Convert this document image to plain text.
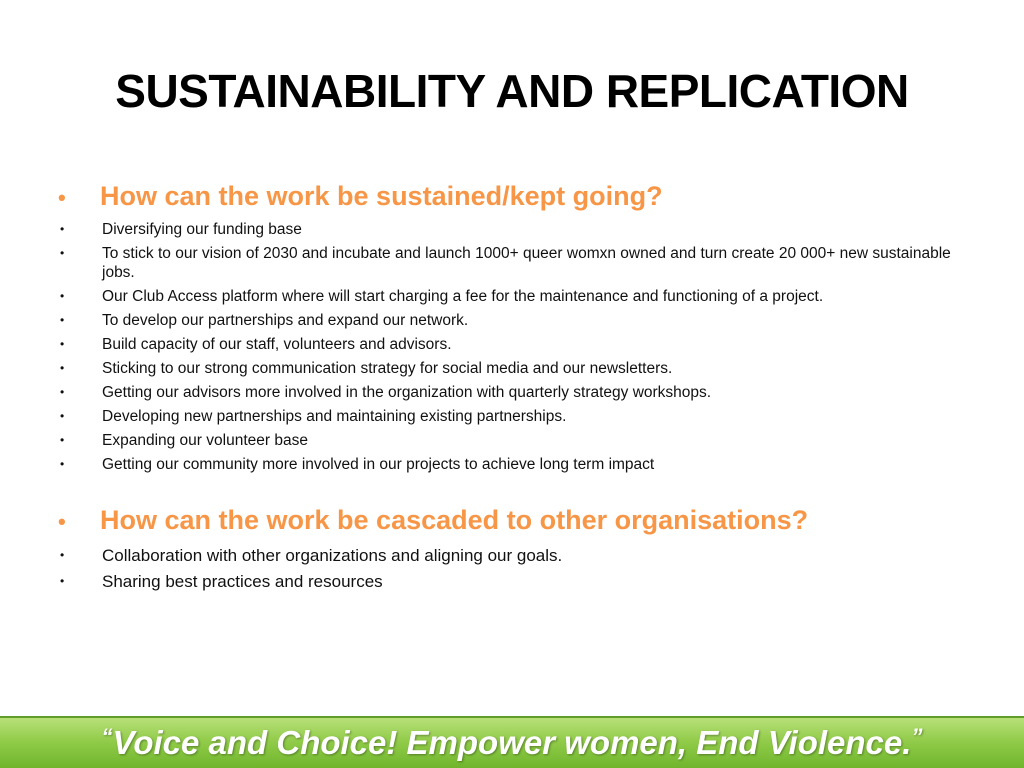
SUSTAINABILITY AND REPLICATION
•	How can the work be sustained/kept going?
•	Diversifying our funding base
•	To stick to our vision of 2030 and incubate and launch 1000+ queer womxn owned and turn create 20 000+ new sustainable jobs.
•	Our Club Access platform where will start charging a fee for the maintenance and functioning of a project.
•	To develop our partnerships and expand our network.
•	Build capacity of our staff, volunteers and advisors.
•	Sticking to our strong communication strategy for social media and our newsletters.
•	Getting our advisors more involved in the organization with quarterly strategy workshops.
•	Developing new partnerships and maintaining existing partnerships.
•	Expanding our volunteer base
•	Getting our community more involved in our projects to achieve long term impact
•	How can the work be cascaded to other organisations?
•	Collaboration with other organizations and aligning our goals.
•	Sharing best practices and resources
“Voice and Choice! Empower women, End Violence.”
